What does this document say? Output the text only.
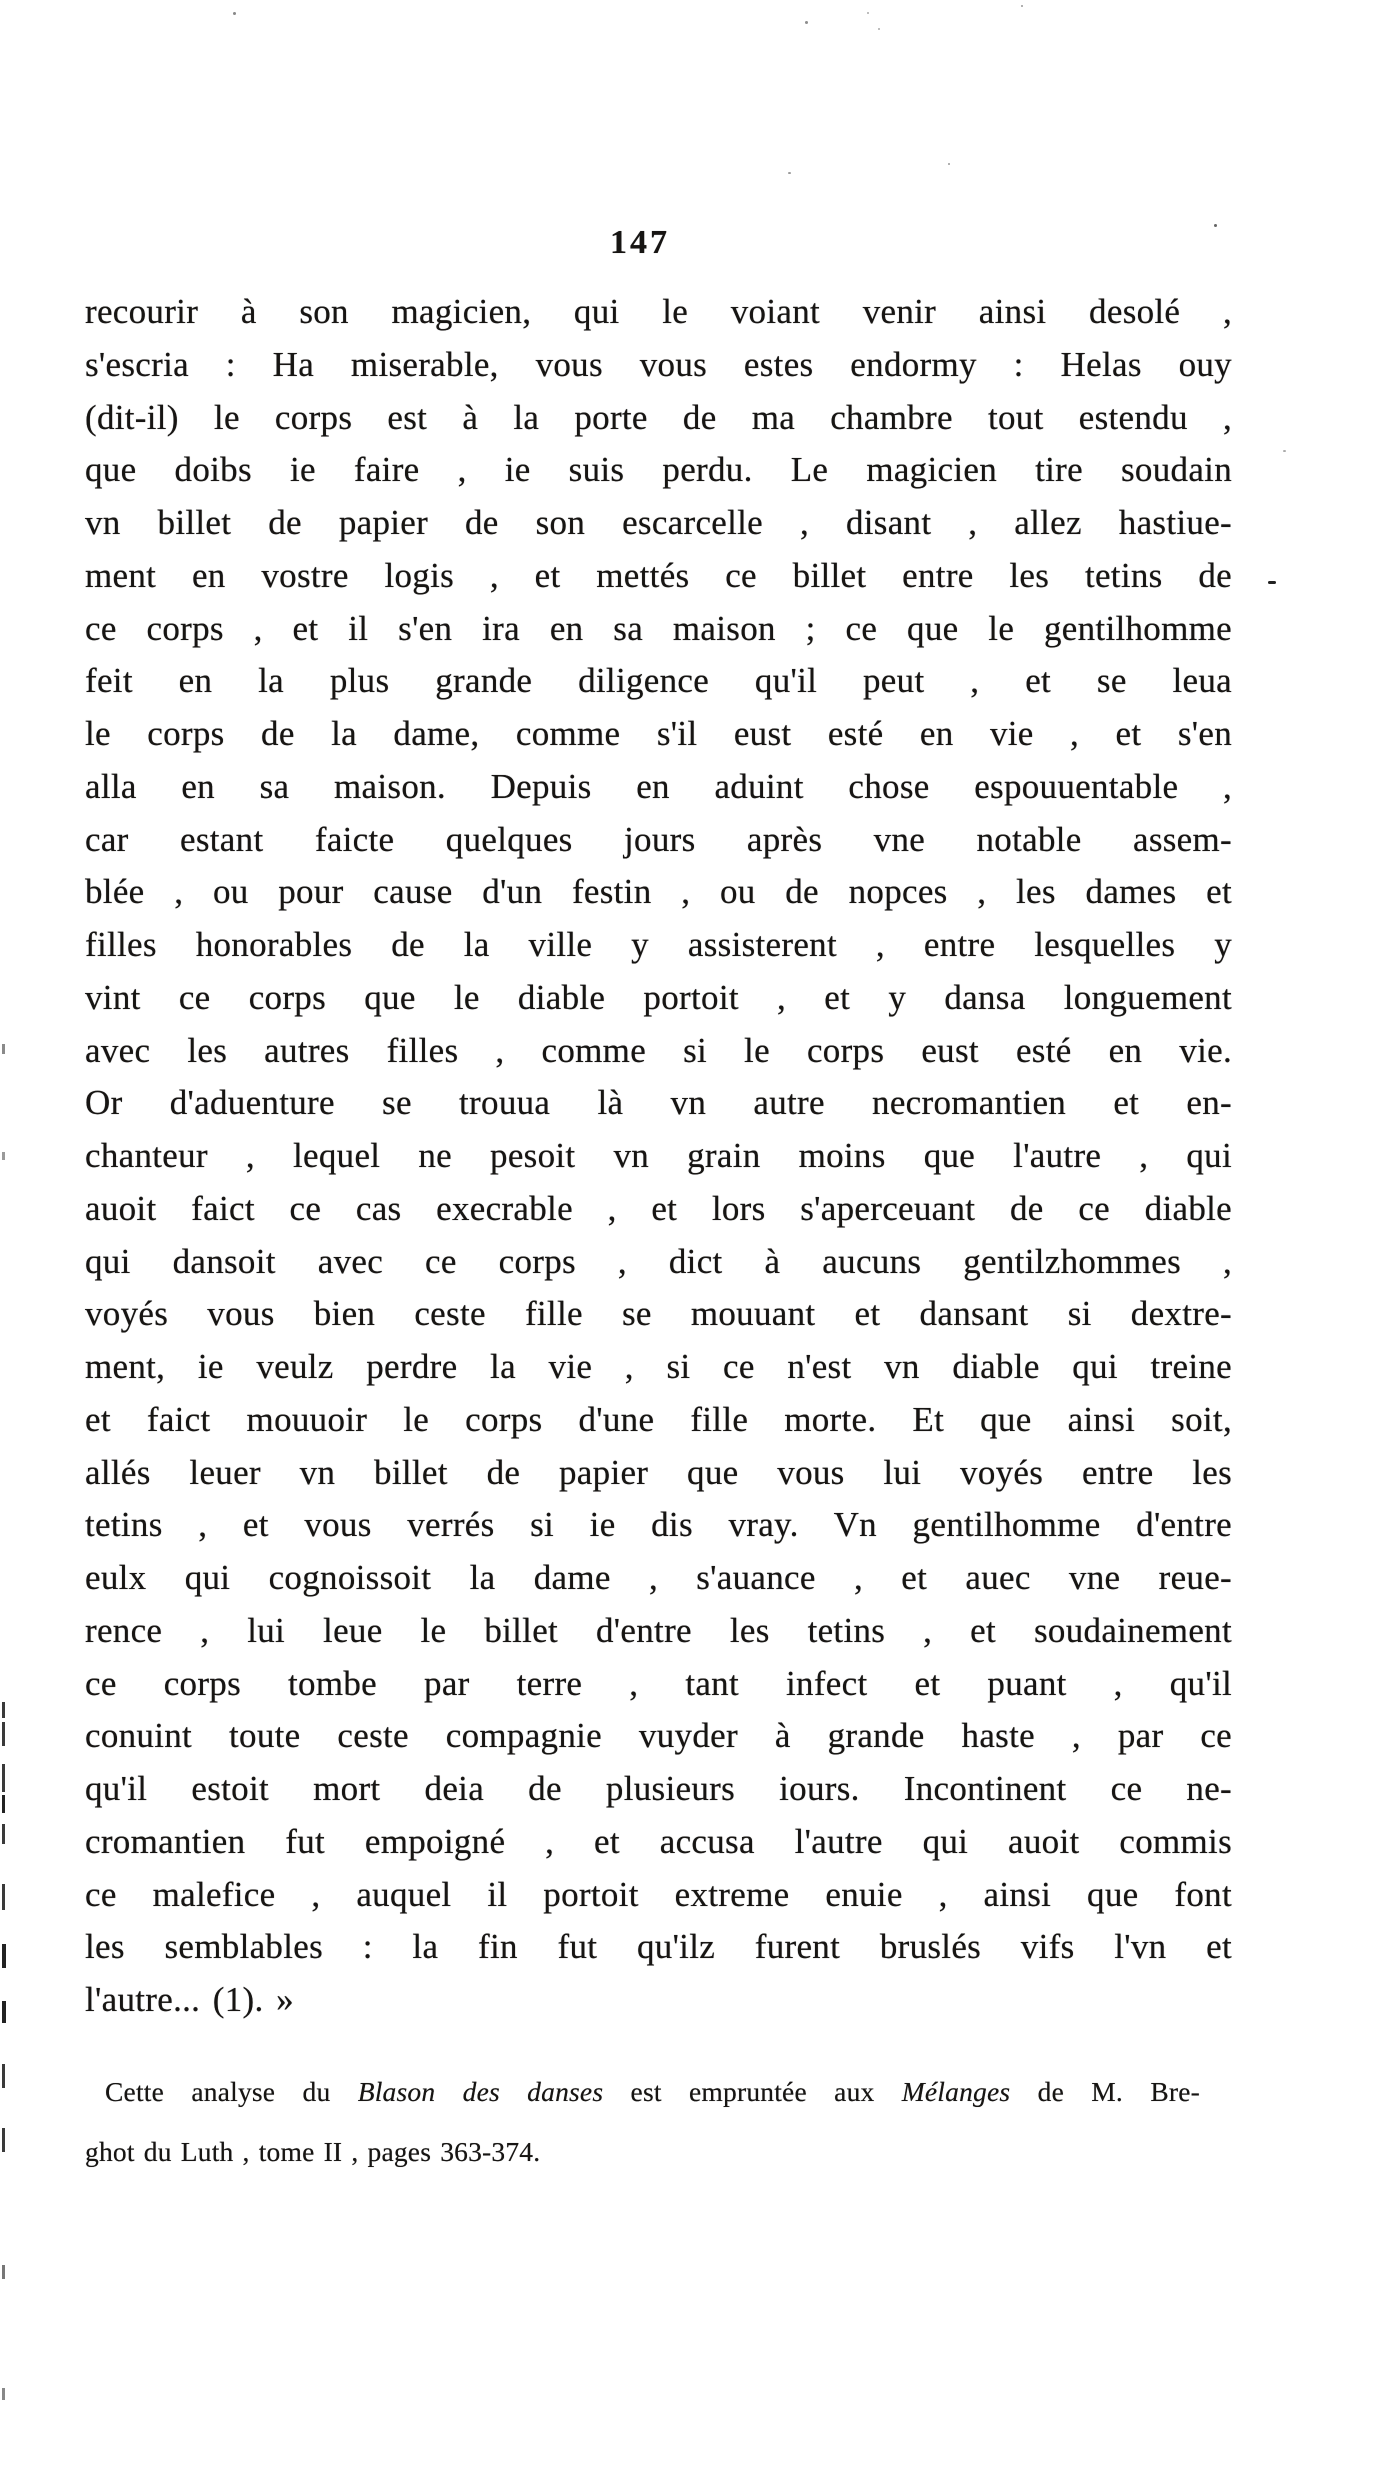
147
recourir à son magicien, qui le voiant venir ainsi desolé ,
s'escria : Ha miserable, vous vous estes endormy : Helas ouy
(dit-il) le corps est à la porte de ma chambre tout estendu ,
que doibs ie faire , ie suis perdu. Le magicien tire soudain
vn billet de papier de son escarcelle , disant , allez hastiue-
ment en vostre logis , et mettés ce billet entre les tetins de
ce corps , et il s'en ira en sa maison ; ce que le gentilhomme
feit en la plus grande diligence qu'il peut , et se leua
le corps de la dame, comme s'il eust esté en vie , et s'en
alla en sa maison. Depuis en aduint chose espouuentable ,
car estant faicte quelques jours après vne notable assem-
blée , ou pour cause d'un festin , ou de nopces , les dames et
filles honorables de la ville y assisterent , entre lesquelles y
vint ce corps que le diable portoit , et y dansa longuement
avec les autres filles , comme si le corps eust esté en vie.
Or d'aduenture se trouua là vn autre necromantien et en-
chanteur , lequel ne pesoit vn grain moins que l'autre , qui
auoit faict ce cas execrable , et lors s'aperceuant de ce diable
qui dansoit avec ce corps , dict à aucuns gentilzhommes ,
voyés vous bien ceste fille se mouuant et dansant si dextre-
ment, ie veulz perdre la vie , si ce n'est vn diable qui treine
et faict mouuoir le corps d'une fille morte. Et que ainsi soit,
allés leuer vn billet de papier que vous lui voyés entre les
tetins , et vous verrés si ie dis vray. Vn gentilhomme d'entre
eulx qui cognoissoit la dame , s'auance , et auec vne reue-
rence , lui leue le billet d'entre les tetins , et soudainement
ce corps tombe par terre , tant infect et puant , qu'il
conuint toute ceste compagnie vuyder à grande haste , par ce
qu'il estoit mort deia de plusieurs iours. Incontinent ce ne-
cromantien fut empoigné , et accusa l'autre qui auoit commis
ce malefice , auquel il portoit extreme enuie , ainsi que font
les semblables : la fin fut qu'ilz furent bruslés vifs l'vn et
l'autre... (1). »
Cette analyse du Blason des danses est empruntée aux Mélanges de M. Bre-
ghot du Luth , tome II , pages 363-374.
